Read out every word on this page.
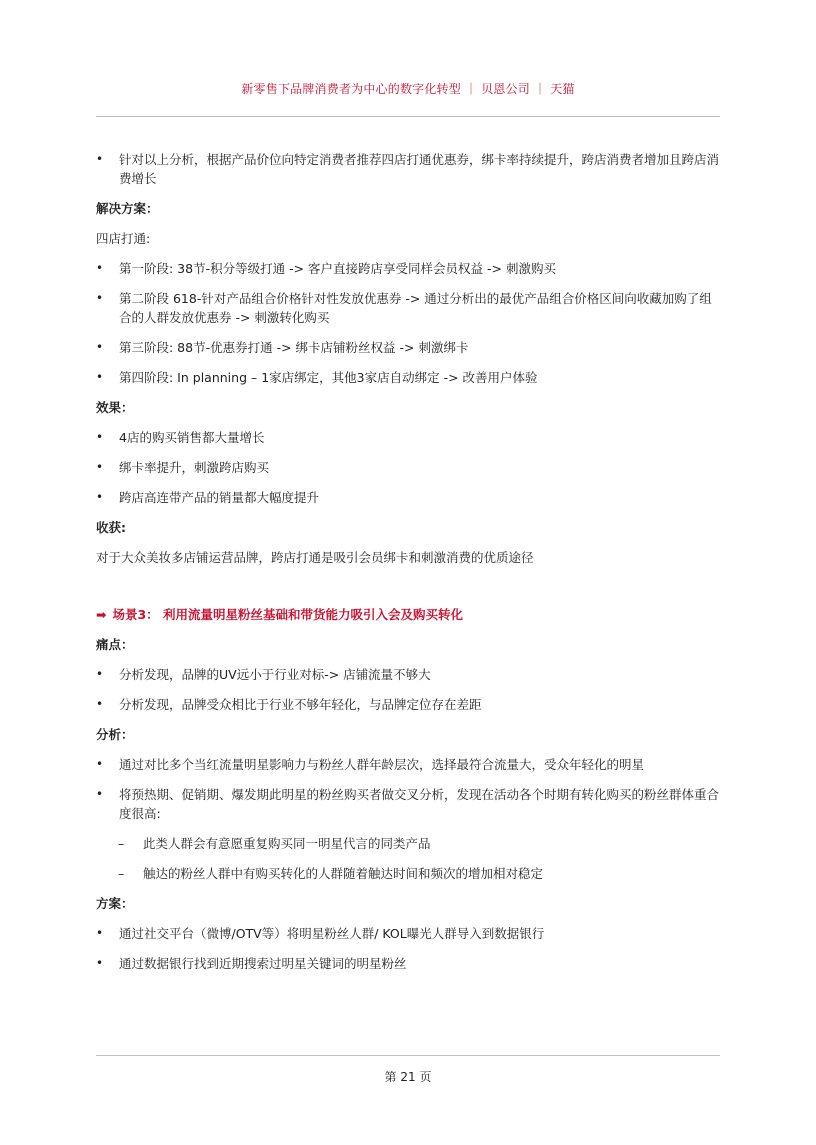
新零售下品牌消费者为中心的数字化转型 ｜ 贝恩公司 ｜ 天猫
• 针对以上分析，根据产品价位向特定消费者推荐四店打通优惠券，绑卡率持续提升，跨店消费者增加且跨店消费增长
解决方案：
四店打通:
• 第一阶段: 38节-积分等级打通 -> 客户直接跨店享受同样会员权益 -> 刺激购买
• 第二阶段 618-针对产品组合价格针对性发放优惠券 -> 通过分析出的最优产品组合价格区间向收藏加购了组合的人群发放优惠券 -> 刺激转化购买
• 第三阶段: 88节-优惠券打通 -> 绑卡店铺粉丝权益 -> 刺激绑卡
• 第四阶段: In planning – 1家店绑定，其他3家店自动绑定 -> 改善用户体验
效果：
• 4店的购买销售都大量增长
• 绑卡率提升，刺激跨店购买
• 跨店高连带产品的销量都大幅度提升
收获:
对于大众美妆多店铺运营品牌，跨店打通是吸引会员绑卡和刺激消费的优质途径
➡ 场景3： 利用流量明星粉丝基础和带货能力吸引入会及购买转化
痛点：
• 分析发现，品牌的UV远小于行业对标-> 店铺流量不够大
• 分析发现，品牌受众相比于行业不够年轻化，与品牌定位存在差距
分析：
• 通过对比多个当红流量明星影响力与粉丝人群年龄层次，选择最符合流量大，受众年轻化的明星
• 将预热期、促销期、爆发期此明星的粉丝购买者做交叉分析，发现在活动各个时期有转化购买的粉丝群体重合度很高:
– 此类人群会有意愿重复购买同一明星代言的同类产品
– 触达的粉丝人群中有购买转化的人群随着触达时间和频次的增加相对稳定
方案：
• 通过社交平台（微博/OTV等）将明星粉丝人群/ KOL曝光人群导入到数据银行
• 通过数据银行找到近期搜索过明星关键词的明星粉丝
第 21 页
